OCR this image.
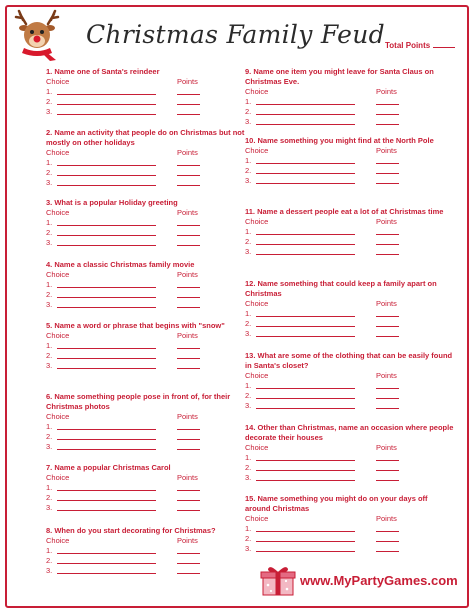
Christmas Family Feud Total Points
1. Name one of Santa's reindeer
Choice	Points
1.
2.
3.
2. Name an activity that people do on Christmas but not mostly on other holidays
Choice	Points
1.
2.
3.
3. What is a popular Holiday greeting
Choice	Points
1.
2.
3.
4. Name a classic Christmas family movie
Choice	Points
1.
2.
3.
5. Name a word or phrase that begins with "snow"
Choice	Points
1.
2.
3.
6. Name something people pose in front of, for their Christmas photos
Choice	Points
1.
2.
3.
7. Name a popular Christmas Carol
Choice	Points
1.
2.
3.
8. When do you start decorating for Christmas?
Choice	Points
1.
2.
3.
9. Name one item you might leave for Santa Claus on Christmas Eve.
Choice	Points
1.
2.
3.
10. Name something you might find at the North Pole
Choice	Points
1.
2.
3.
11. Name a dessert people eat a lot of at Christmas time
Choice	Points
1.
2.
3.
12. Name something that could keep a family apart on Christmas
Choice	Points
1.
2.
3.
13. What are some of the clothing that can be easily found in Santa's closet?
Choice	Points
1.
2.
3.
14. Other than Christmas, name an occasion where people decorate their houses
Choice	Points
1.
2.
3.
15. Name something you might do on your days off around Christmas
Choice	Points
1.
2.
3.
www.MyPartyGames.com
